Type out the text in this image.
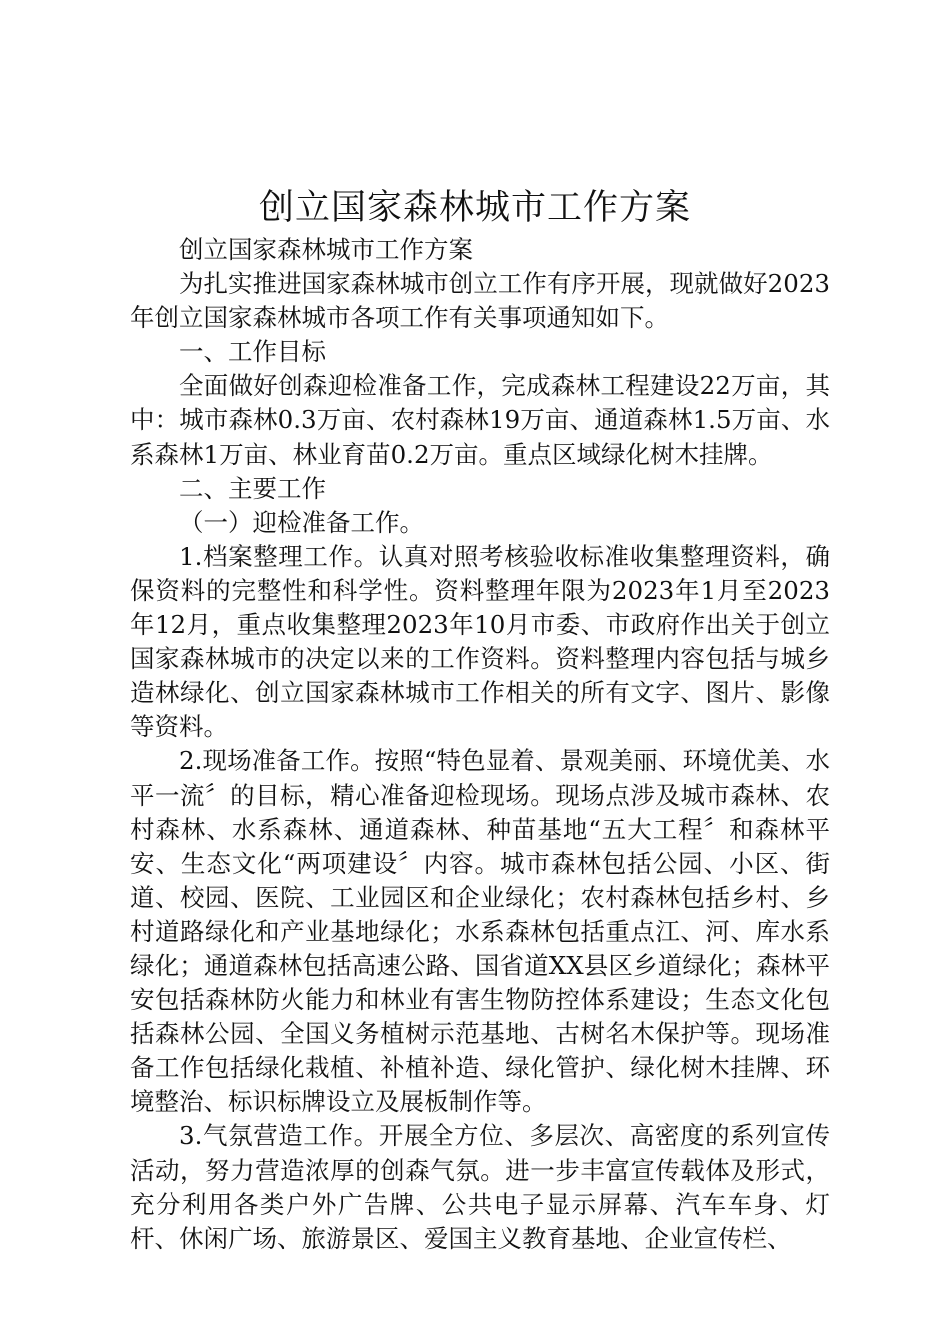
创立国家森林城市工作方案

创立国家森林城市工作方案

为扎实推进国家森林城市创立工作有序开展，现就做好2023年创立国家森林城市各项工作有关事项通知如下。

一、工作目标

全面做好创森迎检准备工作，完成森林工程建设22万亩，其中：城市森林0.3万亩、农村森林19万亩、通道森林1.5万亩、水系森林1万亩、林业育苗0.2万亩。重点区域绿化树木挂牌。

二、主要工作

（一）迎检准备工作。

1.档案整理工作。认真对照考核验收标准收集整理资料，确保资料的完整性和科学性。资料整理年限为2023年1月至2023年12月，重点收集整理2023年10月市委、市政府作出关于创立国家森林城市的决定以来的工作资料。资料整理内容包括与城乡造林绿化、创立国家森林城市工作相关的所有文字、图片、影像等资料。

2.现场准备工作。按照“特色显着、景观美丽、环境优美、水平一流〞的目标，精心准备迎检现场。现场点涉及城市森林、农村森林、水系森林、通道森林、种苗基地“五大工程〞和森林平安、生态文化“两项建设〞内容。城市森林包括公园、小区、街道、校园、医院、工业园区和企业绿化；农村森林包括乡村、乡村道路绿化和产业基地绿化；水系森林包括重点江、河、库水系绿化；通道森林包括高速公路、国省道XX县区乡道绿化；森林平安包括森林防火能力和林业有害生物防控体系建设；生态文化包括森林公园、全国义务植树示范基地、古树名木保护等。现场准备工作包括绿化栽植、补植补造、绿化管护、绿化树木挂牌、环境整治、标识标牌设立及展板制作等。

3.气氛营造工作。开展全方位、多层次、高密度的系列宣传活动，努力营造浓厚的创森气氛。进一步丰富宣传载体及形式，充分利用各类户外广告牌、公共电子显示屏幕、汽车车身、灯杆、休闲广场、旅游景区、爱国主义教育基地、企业宣传栏、
